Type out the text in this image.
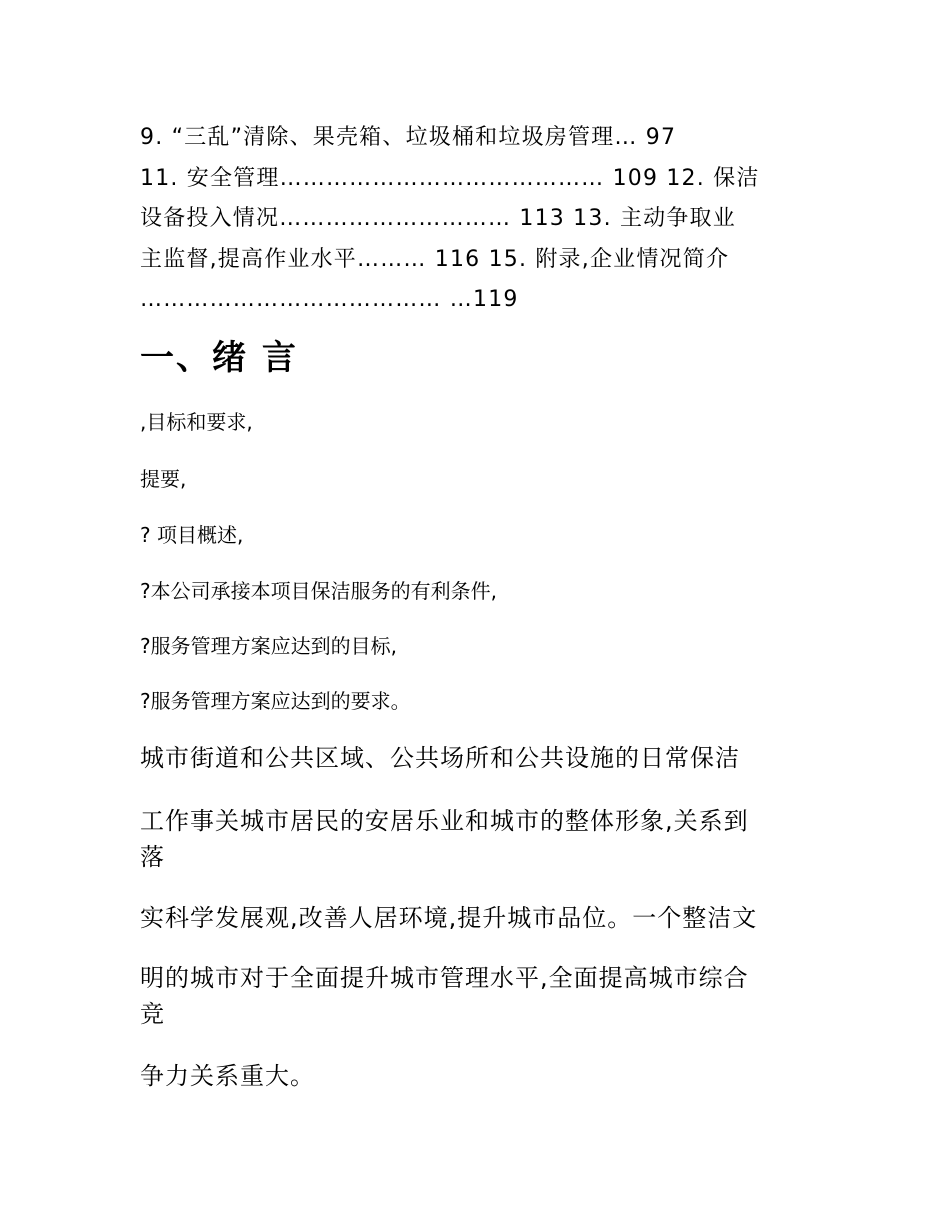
9. “三乱”清除、果壳箱、垃圾桶和垃圾房管理… 97
11. 安全管理…………………………………… 109 12. 保洁
设备投入情况………………………… 113 13. 主动争取业
主监督,提高作业水平……… 116 15. 附录,企业情况简介
………………………………… …119
一、绪 言
,目标和要求,
提要,
? 项目概述,
?本公司承接本项目保洁服务的有利条件,
?服务管理方案应达到的目标,
?服务管理方案应达到的要求。
城市街道和公共区域、公共场所和公共设施的日常保洁
工作事关城市居民的安居乐业和城市的整体形象,关系到
落
实科学发展观,改善人居环境,提升城市品位。一个整洁文
明的城市对于全面提升城市管理水平,全面提高城市综合
竞
争力关系重大。
